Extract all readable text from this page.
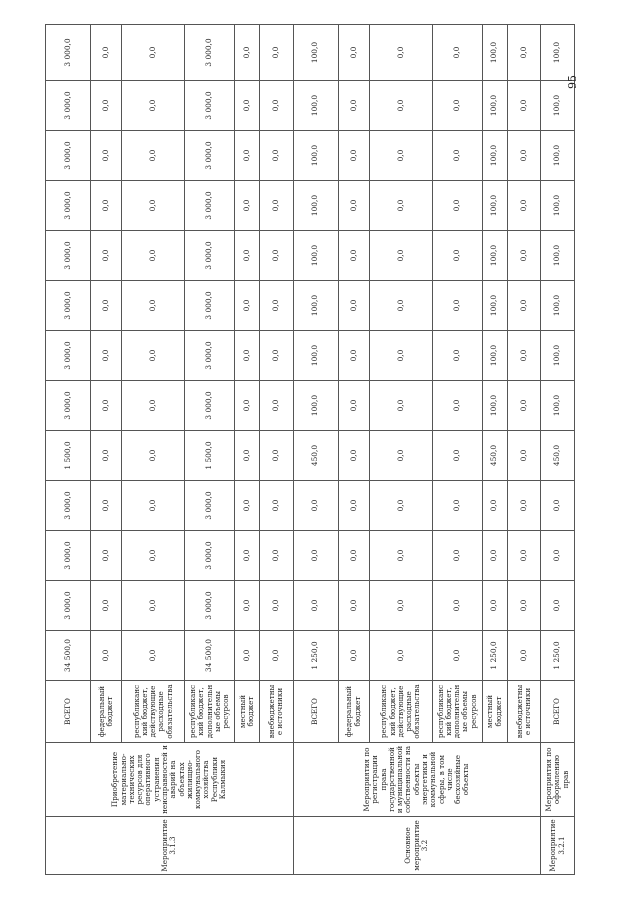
Мероприятие 3.1.3	Приобретение материально-технических ресурсов для оперативного устранения неисправностей и аварий на объектах жилищно-коммунального хозяйства Республики Калмыкия	ВСЕГО	34 500,0	3 000,0	3 000,0	3 000,0	1 500,0	3 000,0	3 000,0	3 000,0	3 000,0	3 000,0	3 000,0	3 000,0	3 000,0
		федеральный бюджет	0,0	0,0	0,0	0,0	0,0	0,0	0,0	0,0	0,0	0,0	0,0	0,0	0,0
		республиканский бюджет, действующие расходные обязательства	0,0	0,0	0,0	0,0	0,0	0,0	0,0	0,0	0,0	0,0	0,0	0,0	0,0
		республиканский бюджет, дополнительные объемы ресурсов	34 500,0	3 000,0	3 000,0	3 000,0	1 500,0	3 000,0	3 000,0	3 000,0	3 000,0	3 000,0	3 000,0	3 000,0	3 000,0
		местный бюджет	0,0	0,0	0,0	0,0	0,0	0,0	0,0	0,0	0,0	0,0	0,0	0,0	0,0
		внебюджетные источники	0,0	0,0	0,0	0,0	0,0	0,0	0,0	0,0	0,0	0,0	0,0	0,0	0,0
Основное мероприятие 3.2	Мероприятия по регистрации права государственной и муниципальной собственности на объекты энергетики и коммунальной сферы, в том числе бесхозяйные объекты	ВСЕГО	1 250,0	0,0	0,0	0,0	450,0	100,0	100,0	100,0	100,0	100,0	100,0	100,0	100,0
		федеральный бюджет	0,0	0,0	0,0	0,0	0,0	0,0	0,0	0,0	0,0	0,0	0,0	0,0	0,0
		республиканский бюджет, действующие расходные обязательства	0,0	0,0	0,0	0,0	0,0	0,0	0,0	0,0	0,0	0,0	0,0	0,0	0,0
		республиканский бюджет, дополнительные объемы ресурсов	0,0	0,0	0,0	0,0	0,0	0,0	0,0	0,0	0,0	0,0	0,0	0,0	0,0
		местный бюджет	1 250,0	0,0	0,0	0,0	450,0	100,0	100,0	100,0	100,0	100,0	100,0	100,0	100,0
		внебюджетные источники	0,0	0,0	0,0	0,0	0,0	0,0	0,0	0,0	0,0	0,0	0,0	0,0	0,0
Мероприятие 3.2.1	Мероприятия по оформлению прав	ВСЕГО	1 250,0	0,0	0,0	0,0	450,0	100,0	100,0	100,0	100,0	100,0	100,0	100,0	100,0
95
